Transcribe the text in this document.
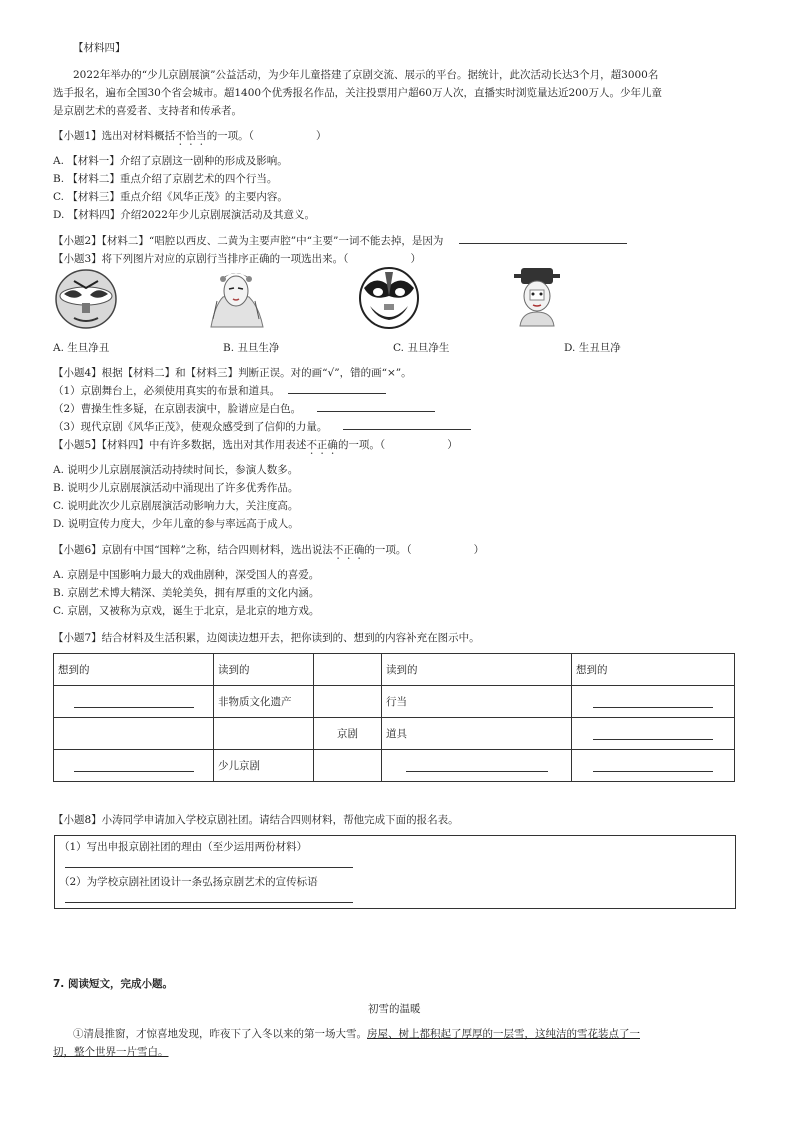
【材料四】
2022年举办的“少儿京剧展演”公益活动，为少年儿童搭建了京剧交流、展示的平台。据统计，此次活动长达3个月，超3000名
选手报名，遍布全国30个省会城市。超1400个优秀报名作品，关注投票用户超60万人次，直播实时浏览量达近200万人。少年儿童
是京剧艺术的喜爱者、支持者和传承者。
【小题1】选出对材料概括不恰当的一项。（	）
A. 【材料一】介绍了京剧这一剧种的形成及影响。
B. 【材料二】重点介绍了京剧艺术的四个行当。
C. 【材料三】重点介绍《风华正茂》的主要内容。
D. 【材料四】介绍2022年少儿京剧展演活动及其意义。
【小题2】【材料二】“唱腔以西皮、二黄为主要声腔”中“主要”一词不能去掉，是因为
【小题3】将下列图片对应的京剧行当排序正确的一项选出来。（	）
A. 生旦净丑	B. 丑旦生净	C. 丑旦净生	D. 生丑旦净
【小题4】根据【材料二】和【材料三】判断正误。对的画“√”，错的画“×”。
（1）京剧舞台上，必须使用真实的布景和道具。
（2）曹操生性多疑，在京剧表演中，脸谱应是白色。
（3）现代京剧《风华正茂》，使观众感受到了信仰的力量。
【小题5】【材料四】中有许多数据，选出对其作用表述不正确的一项。（	）
A. 说明少儿京剧展演活动持续时间长，参演人数多。
B. 说明少儿京剧展演活动中涌现出了许多优秀作品。
C. 说明此次少儿京剧展演活动影响力大，关注度高。
D. 说明宣传力度大，少年儿童的参与率远高于成人。
【小题6】京剧有中国“国粹”之称，结合四则材料，选出说法不正确的一项。（	）
A. 京剧是中国影响力最大的戏曲剧种，深受国人的喜爱。
B. 京剧艺术博大精深、美轮美奂，拥有厚重的文化内涵。
C. 京剧，又被称为京戏，诞生于北京，是北京的地方戏。
【小题7】结合材料及生活积累，边阅读边想开去，把你读到的、想到的内容补充在图示中。
想到的	读到的		读到的	想到的

	非物质文化遗产		行当	

		京剧	道具	

	少儿京剧		

【小题8】小涛同学申请加入学校京剧社团。请结合四则材料，帮他完成下面的报名表。
（1）写出申报京剧社团的理由（至少运用两份材料）
（2）为学校京剧社团设计一条弘扬京剧艺术的宣传标语
7. 阅读短文，完成小题。
初雪的温暖
①清晨推窗，才惊喜地发现，昨夜下了入冬以来的第一场大雪。房屋、树上都积起了厚厚的一层雪，这纯洁的雪花装点了一
切，整个世界一片雪白。
